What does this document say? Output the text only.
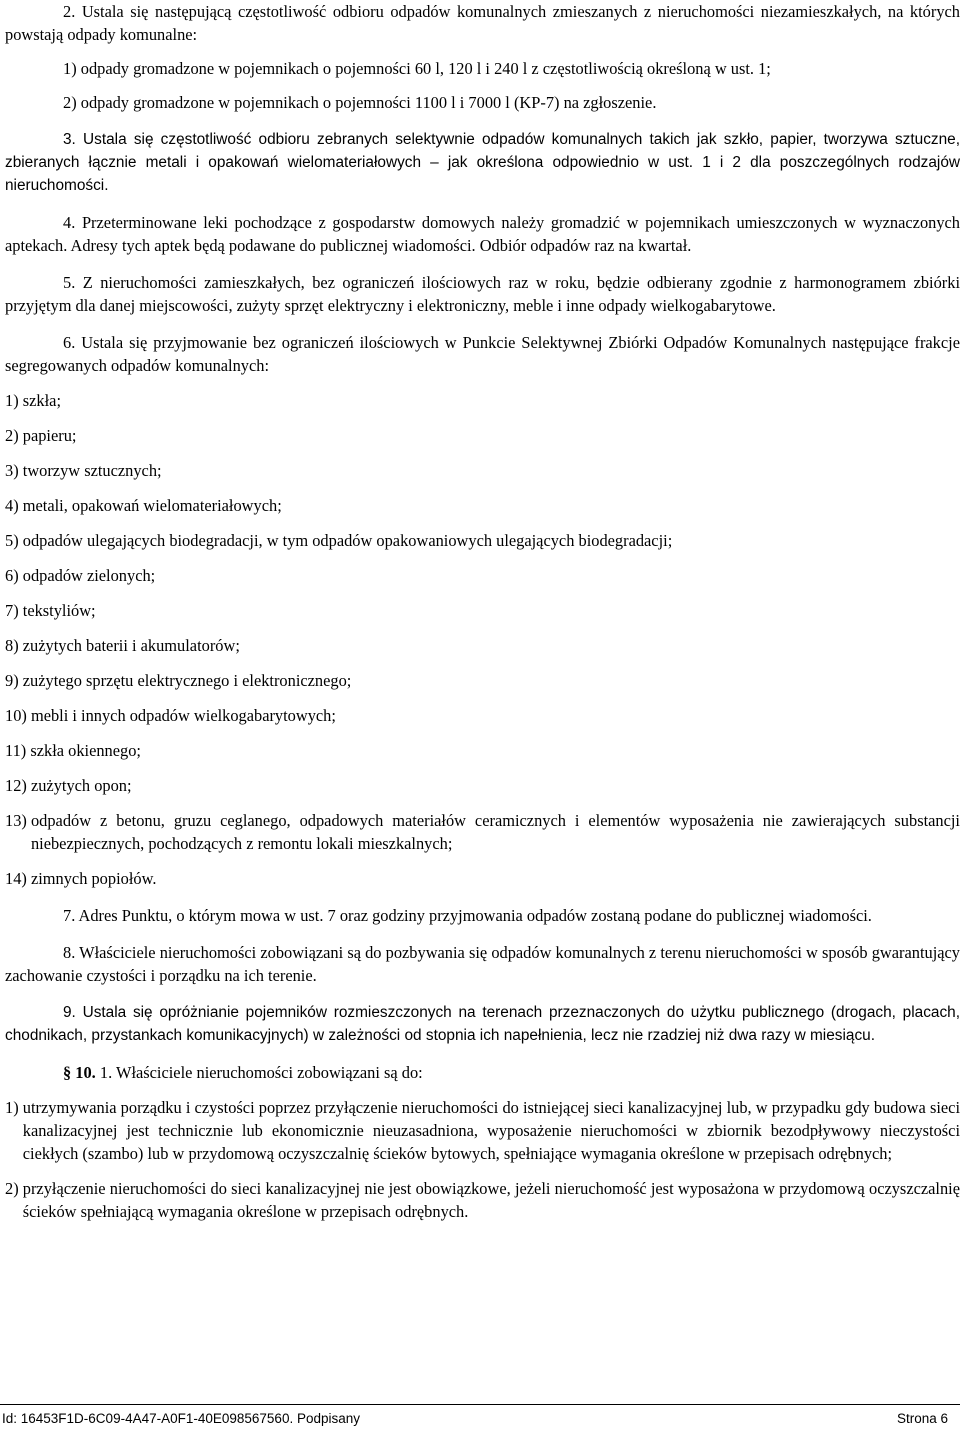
2. Ustala się następującą częstotliwość odbioru odpadów komunalnych zmieszanych z nieruchomości niezamieszkałych, na których powstają odpady komunalne:

1) odpady gromadzone w pojemnikach o pojemności 60 l, 120 l i 240 l z częstotliwością określoną w ust. 1;

2) odpady gromadzone w pojemnikach o pojemności 1100 l i 7000 l (KP-7) na zgłoszenie.

3. Ustala się częstotliwość odbioru zebranych selektywnie odpadów komunalnych takich jak szkło, papier, tworzywa sztuczne, zbieranych łącznie metali i opakowań wielomateriałowych – jak określona odpowiednio w ust. 1 i 2 dla poszczególnych rodzajów nieruchomości.

4. Przeterminowane leki pochodzące z gospodarstw domowych należy gromadzić w pojemnikach umieszczonych w wyznaczonych aptekach. Adresy tych aptek będą podawane do publicznej wiadomości. Odbiór odpadów raz na kwartał.

5. Z nieruchomości zamieszkałych, bez ograniczeń ilościowych raz w roku, będzie odbierany zgodnie z harmonogramem zbiórki przyjętym dla danej miejscowości, zużyty sprzęt elektryczny i elektroniczny, meble i inne odpady wielkogabarytowe.

6. Ustala się przyjmowanie bez ograniczeń ilościowych w Punkcie Selektywnej Zbiórki Odpadów Komunalnych następujące frakcje segregowanych odpadów komunalnych:

1) szkła;
2) papieru;
3) tworzyw sztucznych;
4) metali, opakowań wielomateriałowych;
5) odpadów ulegających biodegradacji, w tym odpadów opakowaniowych ulegających biodegradacji;
6) odpadów zielonych;
7) tekstyliów;
8) zużytych baterii i akumulatorów;
9) zużytego sprzętu elektrycznego i elektronicznego;
10) mebli i innych odpadów wielkogabarytowych;
11) szkła okiennego;
12) zużytych opon;
13) odpadów z betonu, gruzu ceglanego, odpadowych materiałów ceramicznych i elementów wyposażenia nie zawierających substancji niebezpiecznych, pochodzących z remontu lokali mieszkalnych;
14) zimnych popiołów.

7. Adres Punktu, o którym mowa w ust. 7 oraz godziny przyjmowania odpadów zostaną podane do publicznej wiadomości.

8. Właściciele nieruchomości zobowiązani są do pozbywania się odpadów komunalnych z terenu nieruchomości w sposób gwarantujący zachowanie czystości i porządku na ich terenie.

9. Ustala się opróżnianie pojemników rozmieszczonych na terenach przeznaczonych do użytku publicznego (drogach, placach, chodnikach, przystankach komunikacyjnych) w zależności od stopnia ich napełnienia, lecz nie rzadziej niż dwa razy w miesiącu.

§ 10. 1. Właściciele nieruchomości zobowiązani są do:

1) utrzymywania porządku i czystości poprzez przyłączenie nieruchomości do istniejącej sieci kanalizacyjnej lub, w przypadku gdy budowa sieci kanalizacyjnej jest technicznie lub ekonomicznie nieuzasadniona, wyposażenie nieruchomości w zbiornik bezodpływowy nieczystości ciekłych (szambo) lub w przydomową oczyszczalnię ścieków bytowych, spełniające wymagania określone w przepisach odrębnych;
2) przyłączenie nieruchomości do sieci kanalizacyjnej nie jest obowiązkowe, jeżeli nieruchomość jest wyposażona w przydomową oczyszczalnię ścieków spełniającą wymagania określone w przepisach odrębnych.
Id: 16453F1D-6C09-4A47-A0F1-40E098567560. Podpisany	Strona 6
